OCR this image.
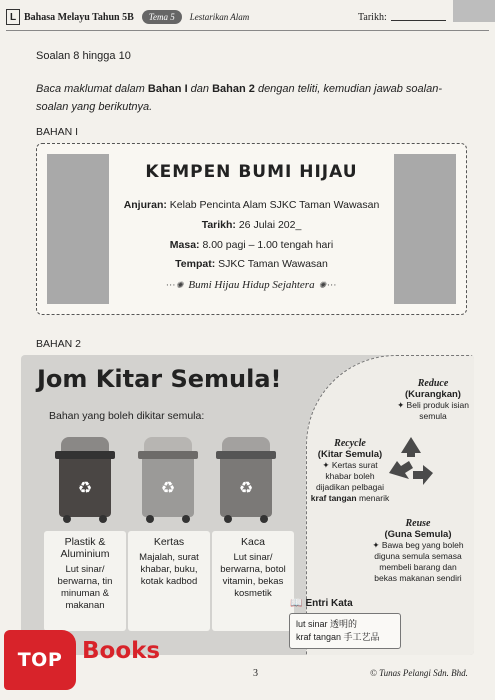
L Bahasa Melayu Tahun 5B	Tema 5	Lestarikan Alam	Tarikh:
Soalan 8 hingga 10
Baca maklumat dalam Bahan I dan Bahan 2 dengan teliti, kemudian jawab soalan-soalan yang berikutnya.
BAHAN I
KEMPEN BUMI HIJAU
Anjuran: Kelab Pencinta Alam SJKC Taman Wawasan
Tarikh: 26 Julai 202_
Masa: 8.00 pagi – 1.00 tengah hari
Tempat: SJKC Taman Wawasan
···✺ Bumi Hijau Hidup Sejahtera ✺···
BAHAN 2
Jom Kitar Semula!
Bahan yang boleh dikitar semula:
♻	♻	♻
Plastik & Aluminium
Lut sinar/ berwarna, tin minuman & makanan
Kertas
Majalah, surat khabar, buku, kotak kadbod
Kaca
Lut sinar/ berwarna, botol vitamin, bekas kosmetik
Reduce
(Kurangkan)
✦ Beli produk isian semula
Recycle
(Kitar Semula)
✦ Kertas surat khabar boleh dijadikan pelbagai kraf tangan menarik
Reuse
(Guna Semula)
✦ Bawa beg yang boleh diguna semula semasa membeli barang dan bekas makanan sendiri
📖 Entri Kata
lut sinar 透明的
kraf tangan 手工艺品
TOP Books
3	© Tunas Pelangi Sdn. Bhd.
